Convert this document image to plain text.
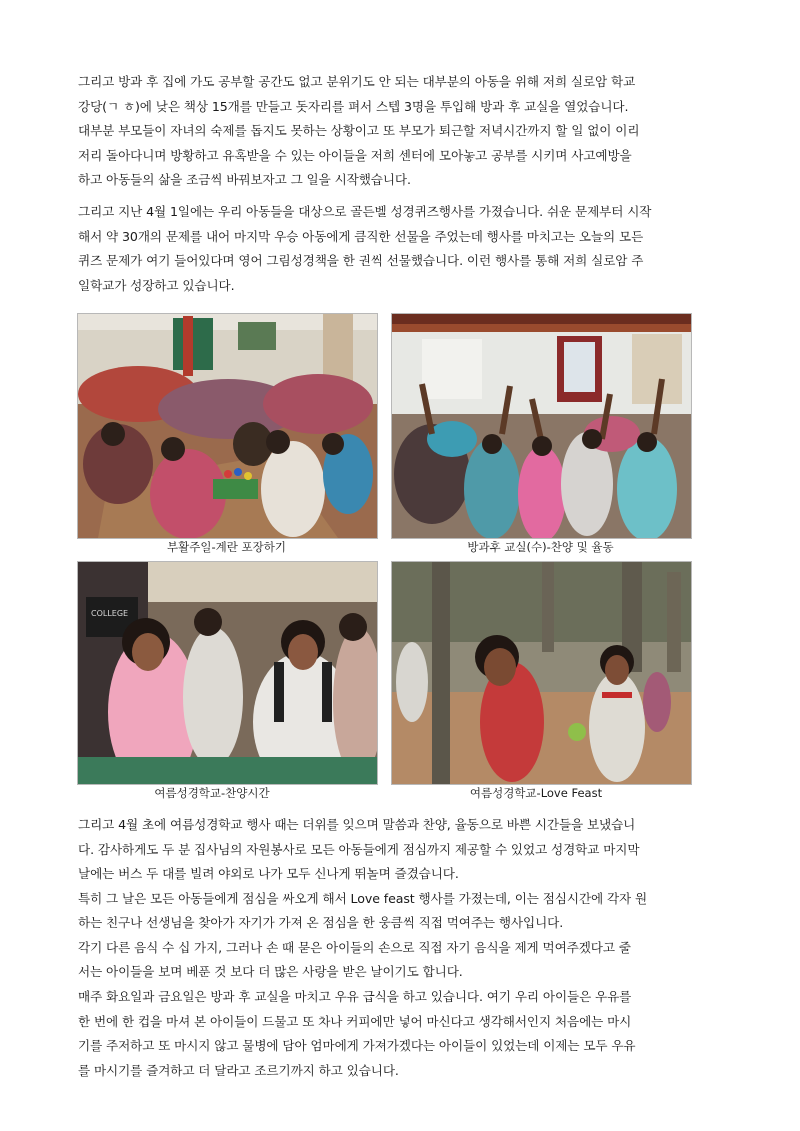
그리고 방과 후 집에 가도 공부할 공간도 없고 분위기도 안 되는 대부분의 아동을 위해 저희 실로암 학교
강당(ㄱ ㅎ)에 낮은 책상 15개를 만들고 돗자리를 펴서 스텝 3명을 투입해 방과 후 교실을 열었습니다.
대부분 부모들이 자녀의 숙제를 돕지도 못하는 상황이고 또 부모가 퇴근할 저녁시간까지 할 일 없이 이리
저리 돌아다니며 방황하고 유혹받을 수 있는 아이들을 저희 센터에 모아놓고 공부를 시키며 사고예방을
하고 아동들의 삶을 조금씩 바꿔보자고 그 일을 시작했습니다.

그리고 지난 4월 1일에는 우리 아동들을 대상으로 골든벨 성경퀴즈행사를 가졌습니다. 쉬운 문제부터 시작
해서 약 30개의 문제를 내어 마지막 우승 아동에게 큼직한 선물을 주었는데 행사를 마치고는 오늘의 모든
퀴즈 문제가 여기 들어있다며 영어 그림성경책을 한 권씩 선물했습니다. 이런 행사를 통해 저희 실로암 주
일학교가 성장하고 있습니다.

부활주일-계란 포장하기	방과후 교실(수)-찬양 및 율동
COLLEGE
여름성경학교-찬양시간	여름성경학교-Love Feast

그리고 4월 초에 여름성경학교 행사 때는 더위를 잊으며 말씀과 찬양, 율동으로 바쁜 시간들을 보냈습니
다. 감사하게도 두 분 집사님의 자원봉사로 모든 아동들에게 점심까지 제공할 수 있었고 성경학교 마지막
날에는 버스 두 대를 빌려 야외로 나가 모두 신나게 뛰놀며 즐겼습니다.
특히 그 날은 모든 아동들에게 점심을 싸오게 해서 Love feast 행사를 가졌는데, 이는 점심시간에 각자 원
하는 친구나 선생님을 찾아가 자기가 가져 온 점심을 한 웅큼씩 직접 먹여주는 행사입니다.
각기 다른 음식 수 십 가지, 그러나 손 때 묻은 아이들의 손으로 직접 자기 음식을 제게 먹여주겠다고 줄
서는 아이들을 보며 베푼 것 보다 더 많은 사랑을 받은 날이기도 합니다.

매주 화요일과 금요일은 방과 후 교실을 마치고 우유 급식을 하고 있습니다. 여기 우리 아이들은 우유를
한 번에 한 컵을 마셔 본 아이들이 드물고 또 차나 커피에만 넣어 마신다고 생각해서인지 처음에는 마시
기를 주저하고 또 마시지 않고 물병에 담아 엄마에게 가져가겠다는 아이들이 있었는데 이제는 모두 우유
를 마시기를 즐겨하고 더 달라고 조르기까지 하고 있습니다.
